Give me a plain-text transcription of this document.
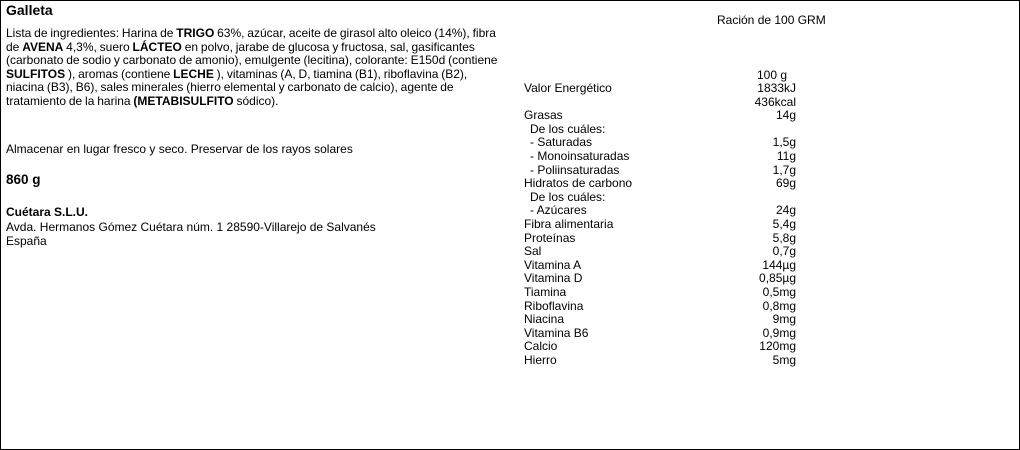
Galleta
Lista de ingredientes: Harina de TRIGO 63%, azúcar, aceite de girasol alto oleico (14%), fibra de AVENA 4,3%, suero LÁCTEO en polvo, jarabe de glucosa y fructosa, sal, gasificantes (carbonato de sodio y carbonato de amonio), emulgente (lecitina), colorante: E150d (contiene SULFITOS ), aromas (contiene LECHE ), vitaminas (A, D, tiamina (B1), riboflavina (B2), niacina (B3), B6), sales minerales (hierro elemental y carbonato de calcio), agente de tratamiento de la harina (METABISULFITO sódico).
Almacenar en lugar fresco y seco. Preservar de los rayos solares
860 g
Cuétara S.L.U.
Avda. Hermanos Gómez Cuétara núm. 1 28590-Villarejo de Salvanés
España
Ración de 100 GRM
100 g
Valor Energético	1833kJ
436kcal
Grasas	14g
De los cuáles:
- Saturadas	1,5g
- Monoinsaturadas	11g
- Poliinsaturadas	1,7g
Hidratos de carbono	69g
De los cuáles:
- Azúcares	24g
Fibra alimentaria	5,4g
Proteínas	5,8g
Sal	0,7g
Vitamina A	144µg
Vitamina D	0,85µg
Tiamina	0,5mg
Riboflavina	0,8mg
Niacina	9mg
Vitamina B6	0,9mg
Calcio	120mg
Hierro	5mg
